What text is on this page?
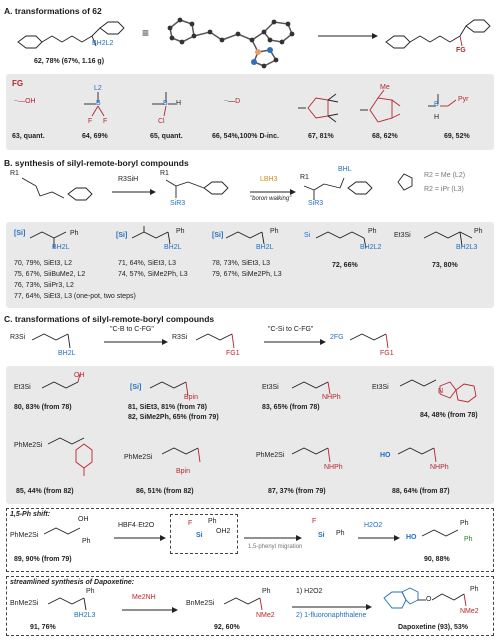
A. transformations of 62
BH2L2
62, 78% (67%, 1.16 g)
≡
FG
FG
~—OH
63, quant.
L2
B
F F
64, 69%
B H
Cl
65, quant.
~—D
66, 54%,100% D-inc.	67, 81%
Me
68, 62%
B
H
Pyr
69, 52%
B. synthesis of silyl-remote-boryl compounds
R1
R3SiH
R1
SiR3
LBH3
"boron walking"
R1
BHL
SiR3
R2 = Me (L2)
R2 = iPr (L3)
[Si]	Ph
BH2L
70, 79%, SiEt3, L2
75, 67%, SiiBuMe2, L2
76, 73%, SiiPr3, L2
77, 64%, SiEt3, L3 (one-pot, two steps)
[Si]
Ph
BH2L
71, 64%, SiEt3, L3
74, 57%, SiMe2Ph, L3
[Si]
Ph
BH2L
78, 73%, SiEt3, L3
79, 67%, SiMe2Ph, L3
Si
Ph
BH2L2
72, 66%
Et3Si
Ph
BH2L3
73, 80%
C. transformations of silyl-remote-boryl compounds
R3Si
BH2L
"C-B to C-FG"
R3Si
FG1
"C-Si to C-FG"
2FG
FG1
Et3Si
OH
80, 83% (from 78)
[Si]
Bpin
81, SiEt3, 81% (from 78)
82, SiMe2Ph, 65% (from 79)
Et3Si
NHPh
83, 65% (from 78)
Et3Si
N
84, 48% (from 78)
PhMe2Si
85, 44% (from 82)
PhMe2Si
Bpin
86, 51% (from 82)
PhMe2Si
NHPh
87, 37% (from 79)
HO
NHPh
88, 64% (from 87)
1,5-Ph shift:
PhMe2Si
OH
Ph
89, 90% (from 79)
HBF4·Et2O
Si
F Ph
OH2
1,5-phenyl migration
Si
F
Ph
H2O2
HO
Ph
Ph
90, 88%
streamlined synthesis of Dapoxetine:
BnMe2Si
Ph
BH2L3
91, 76%
Me2NH
BnMe2Si
Ph
NMe2
92, 60%
1) H2O2
2) 1-fluoronaphthalene
O
Ph
NMe2
Dapoxetine (93), 53%
